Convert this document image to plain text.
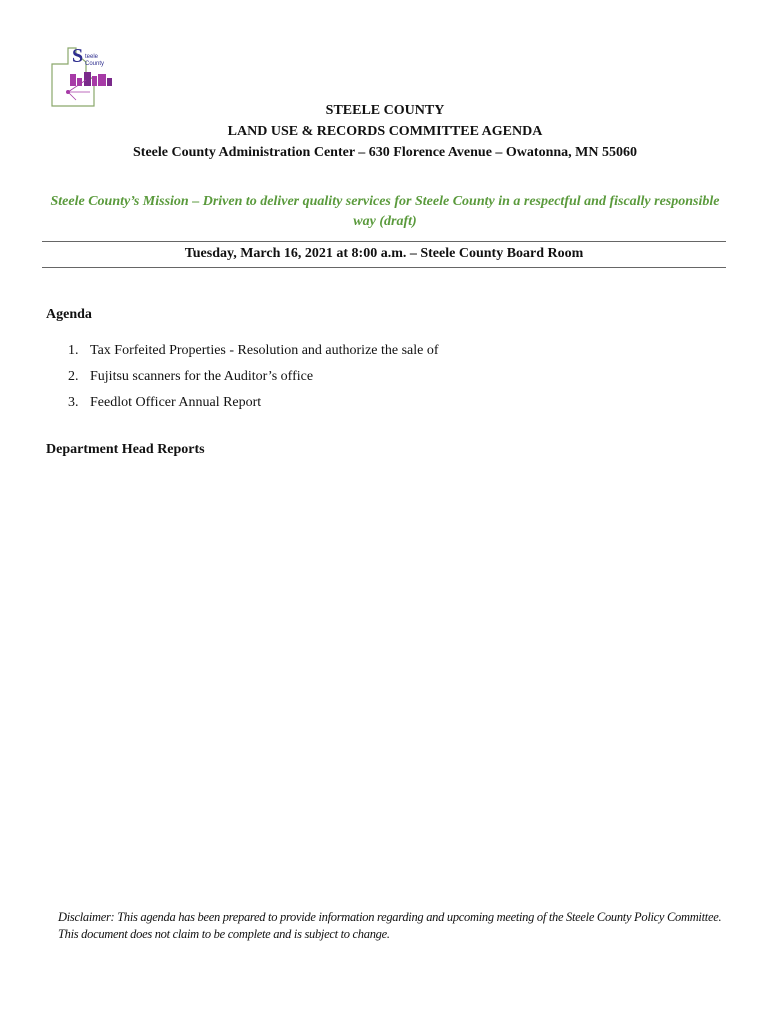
S teele
County
STEELE COUNTY
LAND USE & RECORDS COMMITTEE AGENDA
Steele County Administration Center – 630 Florence Avenue – Owatonna, MN 55060
Steele County’s Mission – Driven to deliver quality services for Steele County in a respectful and fiscally responsible way (draft)
Tuesday, March 16, 2021 at 8:00 a.m. – Steele County Board Room
Agenda
1. Tax Forfeited Properties - Resolution and authorize the sale of
2. Fujitsu scanners for the Auditor’s office
3. Feedlot Officer Annual Report
Department Head Reports
Disclaimer: This agenda has been prepared to provide information regarding and upcoming meeting of the Steele County Policy Committee. This document does not claim to be complete and is subject to change.
